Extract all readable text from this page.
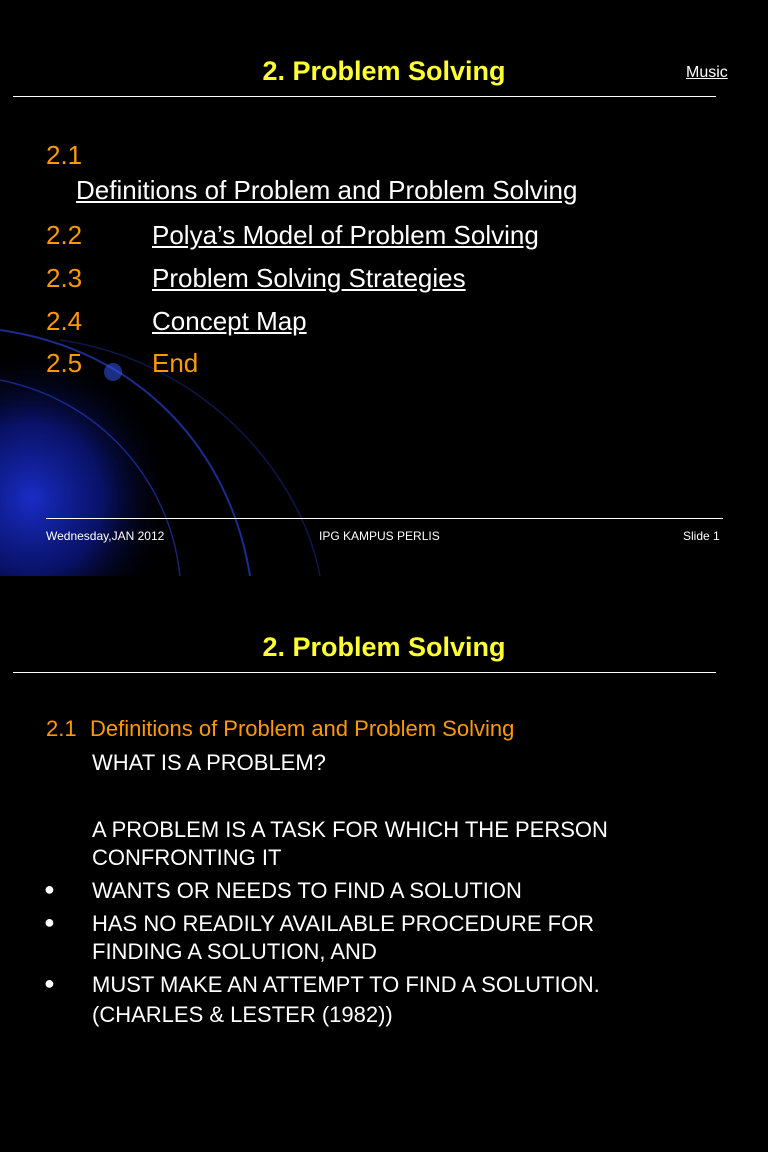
2. Problem Solving	Music
2.1
Definitions of Problem and Problem Solving
2.2	Polya’s Model of Problem Solving
2.3	Problem Solving Strategies
2.4	Concept Map
2.5	End
Wednesday,JAN 2012	IPG KAMPUS PERLIS	Slide 1
2. Problem Solving
2.1 Definitions of Problem and Problem Solving
WHAT IS A PROBLEM?
A PROBLEM IS A TASK FOR WHICH THE PERSON
CONFRONTING IT
● WANTS OR NEEDS TO FIND A SOLUTION
● HAS NO READILY AVAILABLE PROCEDURE FOR
FINDING A SOLUTION, AND
● MUST MAKE AN ATTEMPT TO FIND A SOLUTION.
(CHARLES & LESTER (1982))
